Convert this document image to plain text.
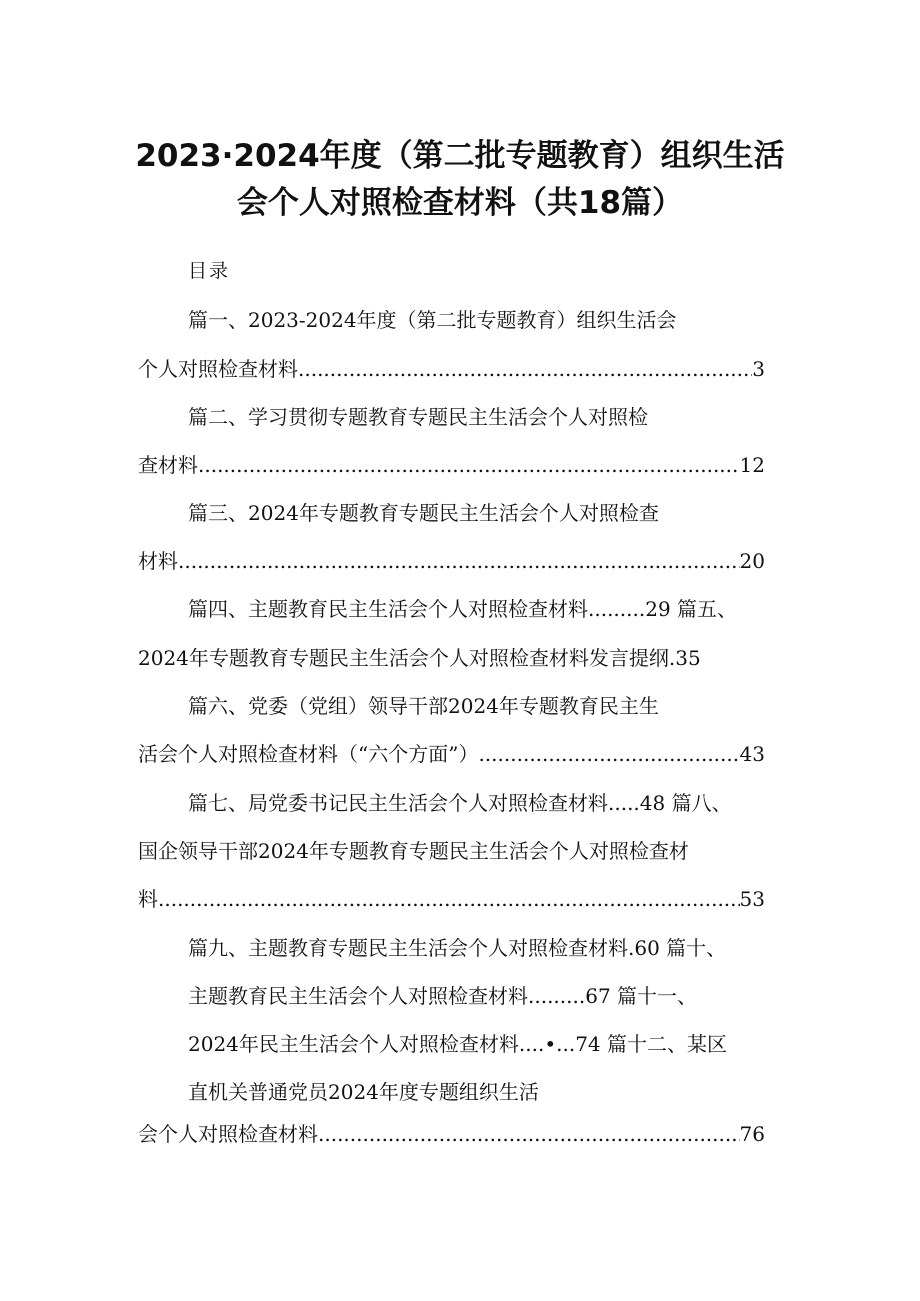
2023·2024年度（第二批专题教育）组织生活
会个人对照检查材料（共18篇）
目录
篇一、2023-2024年度（第二批专题教育）组织生活会
个人对照检查材料 .....	3
篇二、学习贯彻专题教育专题民主生活会个人对照检
查材料 .....	12
篇三、2024年专题教育专题民主生活会个人对照检查
材料 .....	20
篇四、主题教育民主生活会个人对照检查材料.........29 篇五、
2024年专题教育专题民主生活会个人对照检查材料发言提纲.35
篇六、党委（党组）领导干部2024年专题教育民主生
活会个人对照检查材料（“六个方面”） .....	43
篇七、局党委书记民主生活会个人对照检查材料.....48 篇八、
国企领导干部2024年专题教育专题民主生活会个人对照检查材
料 .....	53
篇九、主题教育专题民主生活会个人对照检查材料.60 篇十、
主题教育民主生活会个人对照检查材料.........67 篇十一、
2024年民主生活会个人对照检查材料....•...74 篇十二、某区
直机关普通党员2024年度专题组织生活
会个人对照检查材料 .....	76
